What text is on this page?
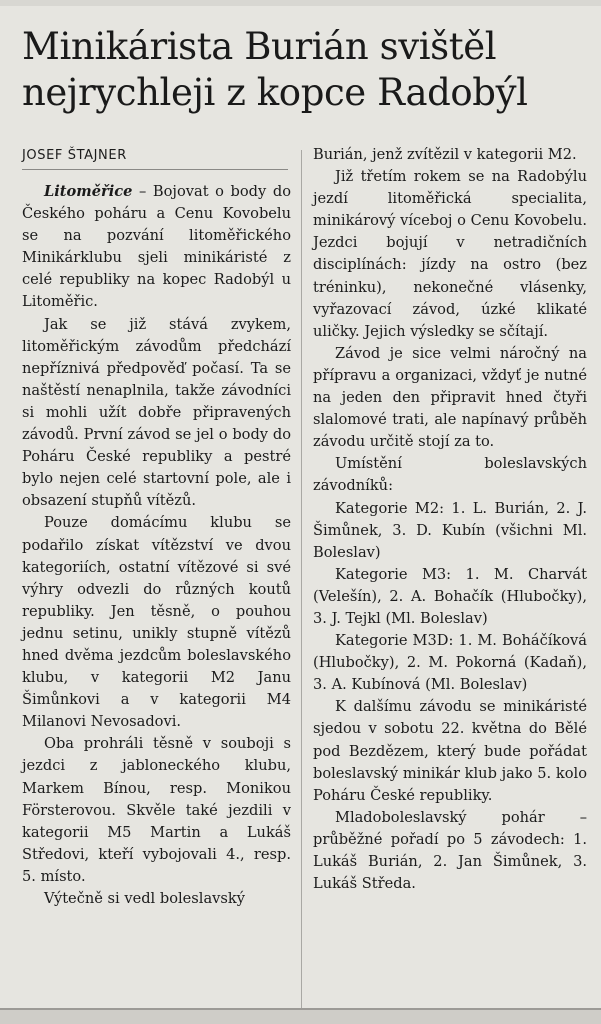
Minikárista Burián svištěl
nejrychleji z kopce Radobýl
JOSEF ŠTAJNER

Litoměřice – Bojovat o body do Českého poháru a Cenu Kovobelu se na pozvání litoměřického Minikárklubu sjeli minikáristé z celé republiky na kopec Radobýl u Litoměřic.

Jak se již stává zvykem, litoměřickým závodům předchází nepříznivá předpověď počasí. Ta se naštěstí nenaplnila, takže závodníci si mohli užít dobře připravených závodů. První závod se jel o body do Poháru České republiky a pestré bylo nejen celé startovní pole, ale i obsazení stupňů vítězů.

Pouze domácímu klubu se podařilo získat vítězství ve dvou kategoriích, ostatní vítězové si své výhry odvezli do různých koutů republiky. Jen těsně, o pouhou jednu setinu, unikly stupně vítězů hned dvěma jezdcům boleslavského klubu, v kategorii M2 Janu Šimůnkovi a v kategorii M4 Milanovi Nevosadovi.

Oba prohráli těsně v souboji s jezdci z jabloneckého klubu, Markem Bínou, resp. Monikou Försterovou. Skvěle také jezdili v kategorii M5 Martin a Lukáš Středovi, kteří vybojovali 4., resp. 5. místo.

Výtečně si vedl boleslavský

Burián, jenž zvítězil v kategorii M2.

Již třetím rokem se na Radobýlu jezdí litoměřická specialita, minikárový víceboj o Cenu Kovobelu. Jezdci bojují v netradičních disciplínách: jízdy na ostro (bez tréninku), nekonečné vlásenky, vyřazovací závod, úzké klikaté uličky. Jejich výsledky se sčítají.

Závod je sice velmi náročný na přípravu a organizaci, vždyť je nutné na jeden den připravit hned čtyři slalomové trati, ale napínavý průběh závodu určitě stojí za to.

Umístění boleslavských závodníků:

Kategorie M2: 1. L. Burián, 2. J. Šimůnek, 3. D. Kubín (všichni Ml. Boleslav)

Kategorie M3: 1. M. Charvát (Velešín), 2. A. Bohačík (Hlubočky), 3. J. Tejkl (Ml. Boleslav)

Kategorie M3D: 1. M. Boháčíková (Hlubočky), 2. M. Pokorná (Kadaň), 3. A. Kubínová (Ml. Boleslav)

K dalšímu závodu se minikáristé sjedou v sobotu 22. května do Bělé pod Bezdězem, který bude pořádat boleslavský minikár klub jako 5. kolo Poháru České republiky.

Mladoboleslavský pohár – průběžné pořadí po 5 závodech: 1. Lukáš Burián, 2. Jan Šimůnek, 3. Lukáš Středa.
